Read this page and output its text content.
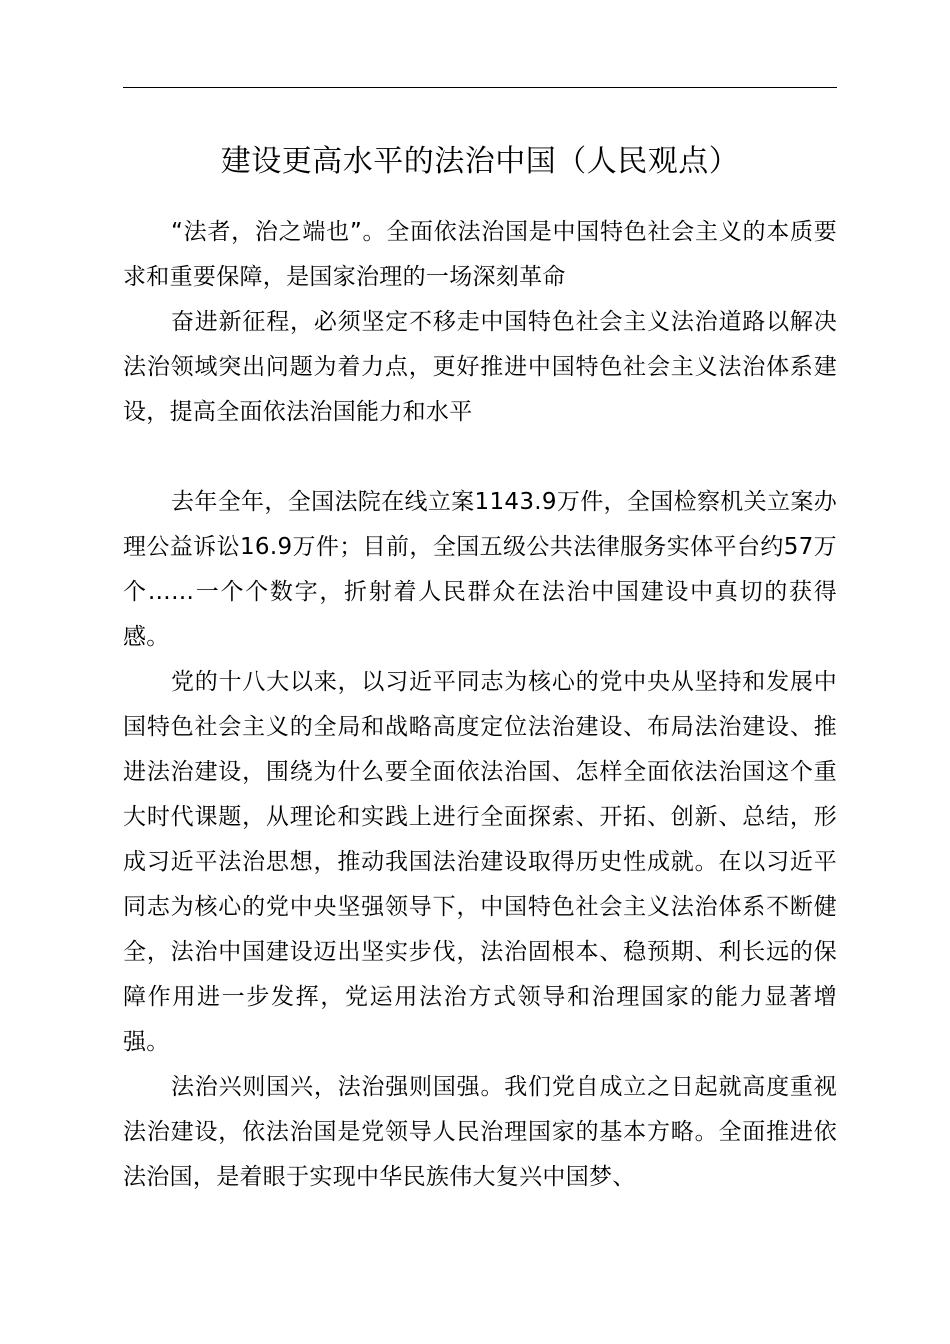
建设更高水平的法治中国（人民观点）

“法者，治之端也”。全面依法治国是中国特色社会主义的本质要求和重要保障，是国家治理的一场深刻革命

奋进新征程，必须坚定不移走中国特色社会主义法治道路以解决法治领域突出问题为着力点，更好推进中国特色社会主义法治体系建设，提高全面依法治国能力和水平

去年全年，全国法院在线立案1143.9万件，全国检察机关立案办理公益诉讼16.9万件；目前，全国五级公共法律服务实体平台约57万个……一个个数字，折射着人民群众在法治中国建设中真切的获得感。

党的十八大以来，以习近平同志为核心的党中央从坚持和发展中国特色社会主义的全局和战略高度定位法治建设、布局法治建设、推进法治建设，围绕为什么要全面依法治国、怎样全面依法治国这个重大时代课题，从理论和实践上进行全面探索、开拓、创新、总结，形成习近平法治思想，推动我国法治建设取得历史性成就。在以习近平同志为核心的党中央坚强领导下，中国特色社会主义法治体系不断健全，法治中国建设迈出坚实步伐，法治固根本、稳预期、利长远的保障作用进一步发挥，党运用法治方式领导和治理国家的能力显著增强。

法治兴则国兴，法治强则国强。我们党自成立之日起就高度重视法治建设，依法治国是党领导人民治理国家的基本方略。全面推进依法治国，是着眼于实现中华民族伟大复兴中国梦、
